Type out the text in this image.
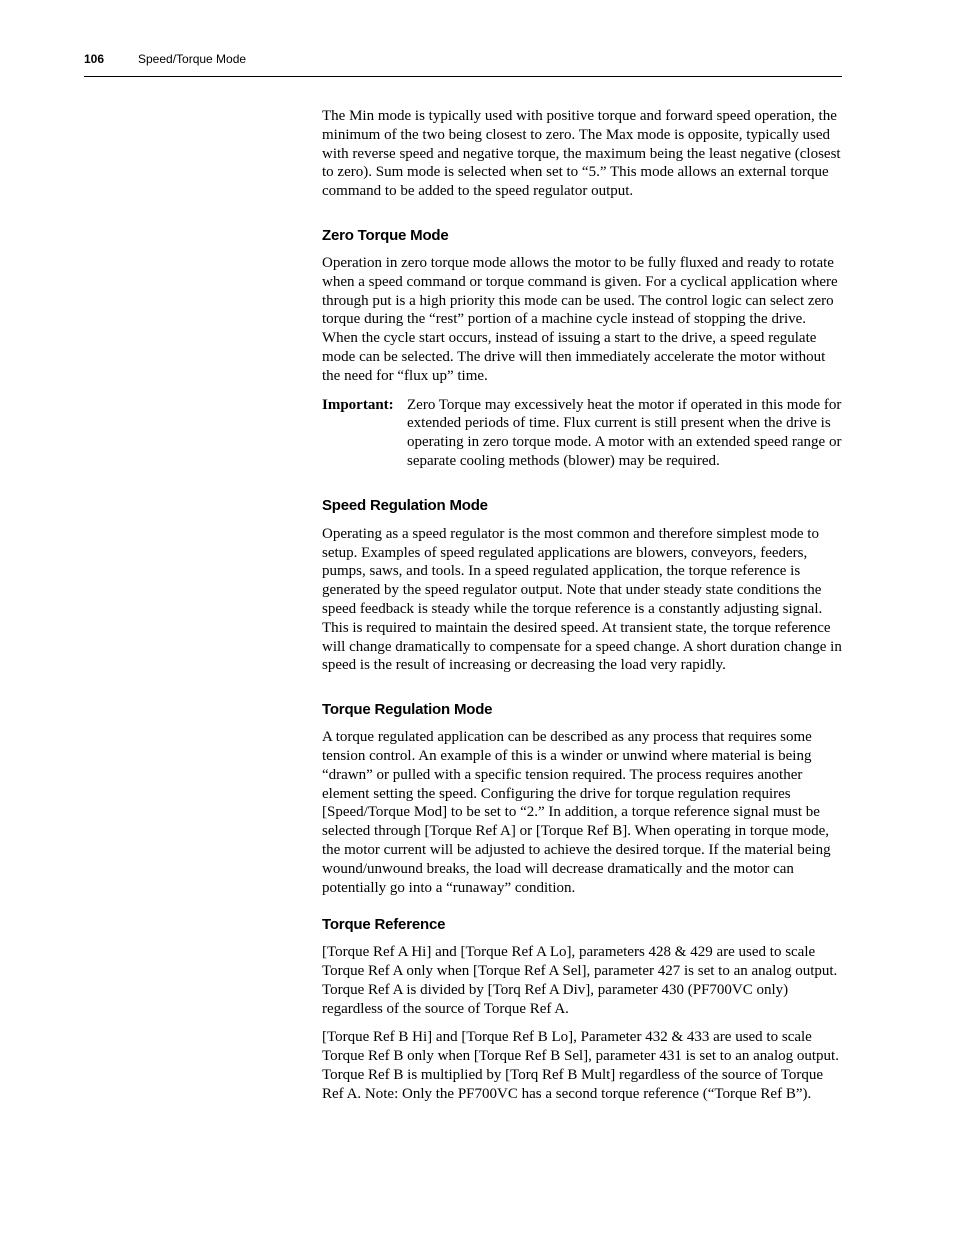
106	Speed/Torque Mode

The Min mode is typically used with positive torque and forward speed operation, the minimum of the two being closest to zero. The Max mode is opposite, typically used with reverse speed and negative torque, the maximum being the least negative (closest to zero). Sum mode is selected when set to “5.” This mode allows an external torque command to be added to the speed regulator output.

Zero Torque Mode

Operation in zero torque mode allows the motor to be fully fluxed and ready to rotate when a speed command or torque command is given. For a cyclical application where through put is a high priority this mode can be used. The control logic can select zero torque during the “rest” portion of a machine cycle instead of stopping the drive. When the cycle start occurs, instead of issuing a start to the drive, a speed regulate mode can be selected. The drive will then immediately accelerate the motor without the need for “flux up” time.

Important: Zero Torque may excessively heat the motor if operated in this mode for extended periods of time. Flux current is still present when the drive is operating in zero torque mode. A motor with an extended speed range or separate cooling methods (blower) may be required.
Speed Regulation Mode

Operating as a speed regulator is the most common and therefore simplest mode to setup. Examples of speed regulated applications are blowers, conveyors, feeders, pumps, saws, and tools. In a speed regulated application, the torque reference is generated by the speed regulator output. Note that under steady state conditions the speed feedback is steady while the torque reference is a constantly adjusting signal. This is required to maintain the desired speed. At transient state, the torque reference will change dramatically to compensate for a speed change. A short duration change in speed is the result of increasing or decreasing the load very rapidly.

Torque Regulation Mode

A torque regulated application can be described as any process that requires some tension control. An example of this is a winder or unwind where material is being “drawn” or pulled with a specific tension required. The process requires another element setting the speed. Configuring the drive for torque regulation requires [Speed/Torque Mod] to be set to “2.” In addition, a torque reference signal must be selected through [Torque Ref A] or [Torque Ref B]. When operating in torque mode, the motor current will be adjusted to achieve the desired torque. If the material being wound/unwound breaks, the load will decrease dramatically and the motor can potentially go into a “runaway” condition.

Torque Reference

[Torque Ref A Hi] and [Torque Ref A Lo], parameters 428 & 429 are used to scale Torque Ref A only when [Torque Ref A Sel], parameter 427 is set to an analog output. Torque Ref A is divided by [Torq Ref A Div], parameter 430 (PF700VC only) regardless of the source of Torque Ref A.

[Torque Ref B Hi] and [Torque Ref B Lo], Parameter 432 & 433 are used to scale Torque Ref B only when [Torque Ref B Sel], parameter 431 is set to an analog output. Torque Ref B is multiplied by [Torq Ref B Mult] regardless of the source of Torque Ref A. Note: Only the PF700VC has a second torque reference (“Torque Ref B”).
